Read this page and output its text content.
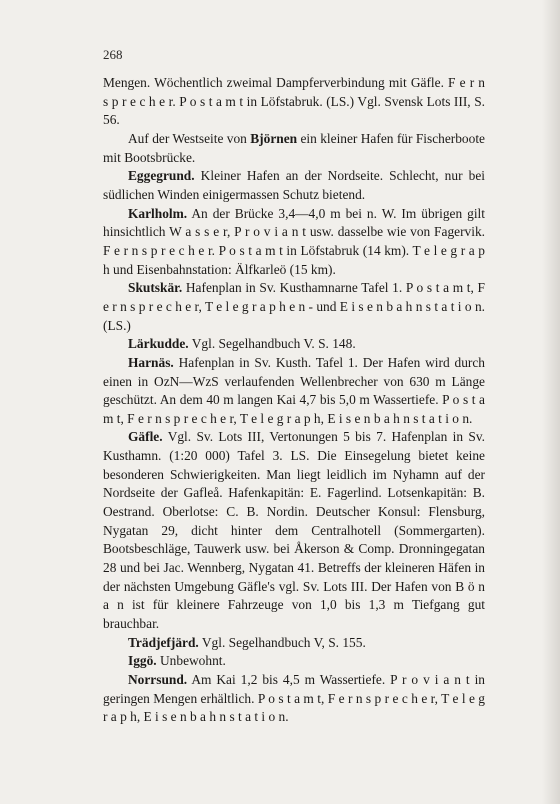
268

Mengen. Wöchentlich zweimal Dampferverbindung mit Gäfle. F e r n s p r e c h e r. P o s t a m t in Löfstabruk. (LS.) Vgl. Svensk Lots III, S. 56.

Auf der Westseite von Björnen ein kleiner Hafen für Fischerboote mit Bootsbrücke.

Eggegrund. Kleiner Hafen an der Nordseite. Schlecht, nur bei südlichen Winden einigermassen Schutz bietend.

Karlholm. An der Brücke 3,4—4,0 m bei n. W. Im übrigen gilt hinsichtlich W a s s e r, P r o v i a n t usw. dasselbe wie von Fagervik. F e r n s p r e c h e r. P o s t a m t in Löfstabruk (14 km). T e l e g r a p h und Eisenbahnstation: Älfkarleö (15 km).

Skutskär. Hafenplan in Sv. Kusthamnarne Tafel 1. P o s t a m t, F e r n s p r e c h e r, T e l e g r a p h e n - und E i s e n b a h n s t a t i o n. (LS.)

Lärkudde. Vgl. Segelhandbuch V. S. 148.

Harnäs. Hafenplan in Sv. Kusth. Tafel 1. Der Hafen wird durch einen in OzN—WzS verlaufenden Wellenbrecher von 630 m Länge geschützt. An dem 40 m langen Kai 4,7 bis 5,0 m Wassertiefe. P o s t a m t, F e r n s p r e c h e r, T e l e g r a p h, E i s e n b a h n s t a t i o n.

Gäfle. Vgl. Sv. Lots III, Vertonungen 5 bis 7. Hafenplan in Sv. Kusthamn. (1:20 000) Tafel 3. LS. Die Einsegelung bietet keine besonderen Schwierigkeiten. Man liegt leidlich im Nyhamn auf der Nordseite der Gafleå. Hafenkapitän: E. Fagerlind. Lotsenkapitän: B. Oestrand. Oberlotse: C. B. Nordin. Deutscher Konsul: Flensburg, Nygatan 29, dicht hinter dem Centralhotell (Sommergarten). Bootsbeschläge, Tauwerk usw. bei Åkerson & Comp. Dronningegatan 28 und bei Jac. Wennberg, Nygatan 41. Betreffs der kleineren Häfen in der nächsten Umgebung Gäfle's vgl. Sv. Lots III. Der Hafen von B ö n a n ist für kleinere Fahrzeuge von 1,0 bis 1,3 m Tiefgang gut brauchbar.

Trädjefjärd. Vgl. Segelhandbuch V, S. 155.

Iggö. Unbewohnt.

Norrsund. Am Kai 1,2 bis 4,5 m Wassertiefe. P r o v i a n t in geringen Mengen erhältlich. P o s t a m t, F e r n s p r e c h e r, T e l e g r a p h, E i s e n b a h n s t a t i o n.
